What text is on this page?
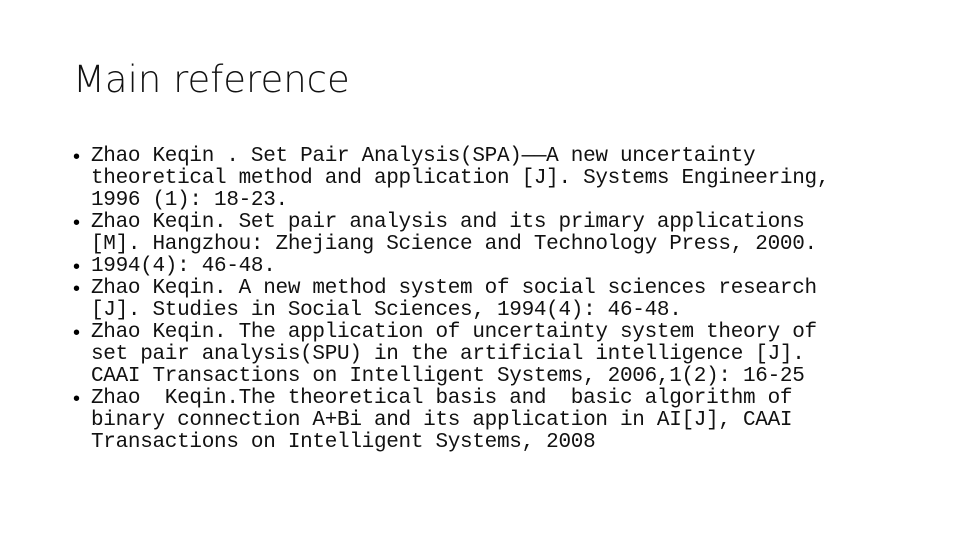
Main reference
• Zhao Keqin . Set Pair Analysis(SPA)——A new uncertainty
theoretical method and application [J]. Systems Engineering,
1996 (1): 18-23.
• Zhao Keqin. Set pair analysis and its primary applications
[M]. Hangzhou: Zhejiang Science and Technology Press, 2000.
• 1994(4): 46-48.
• Zhao Keqin. A new method system of social sciences research
[J]. Studies in Social Sciences, 1994(4): 46-48.
• Zhao Keqin. The application of uncertainty system theory of
set pair analysis(SPU) in the artificial intelligence [J].
CAAI Transactions on Intelligent Systems, 2006,1(2): 16-25
• Zhao  Keqin.The theoretical basis and  basic algorithm of
binary connection A+Bi and its application in AI[J], CAAI
Transactions on Intelligent Systems, 2008
